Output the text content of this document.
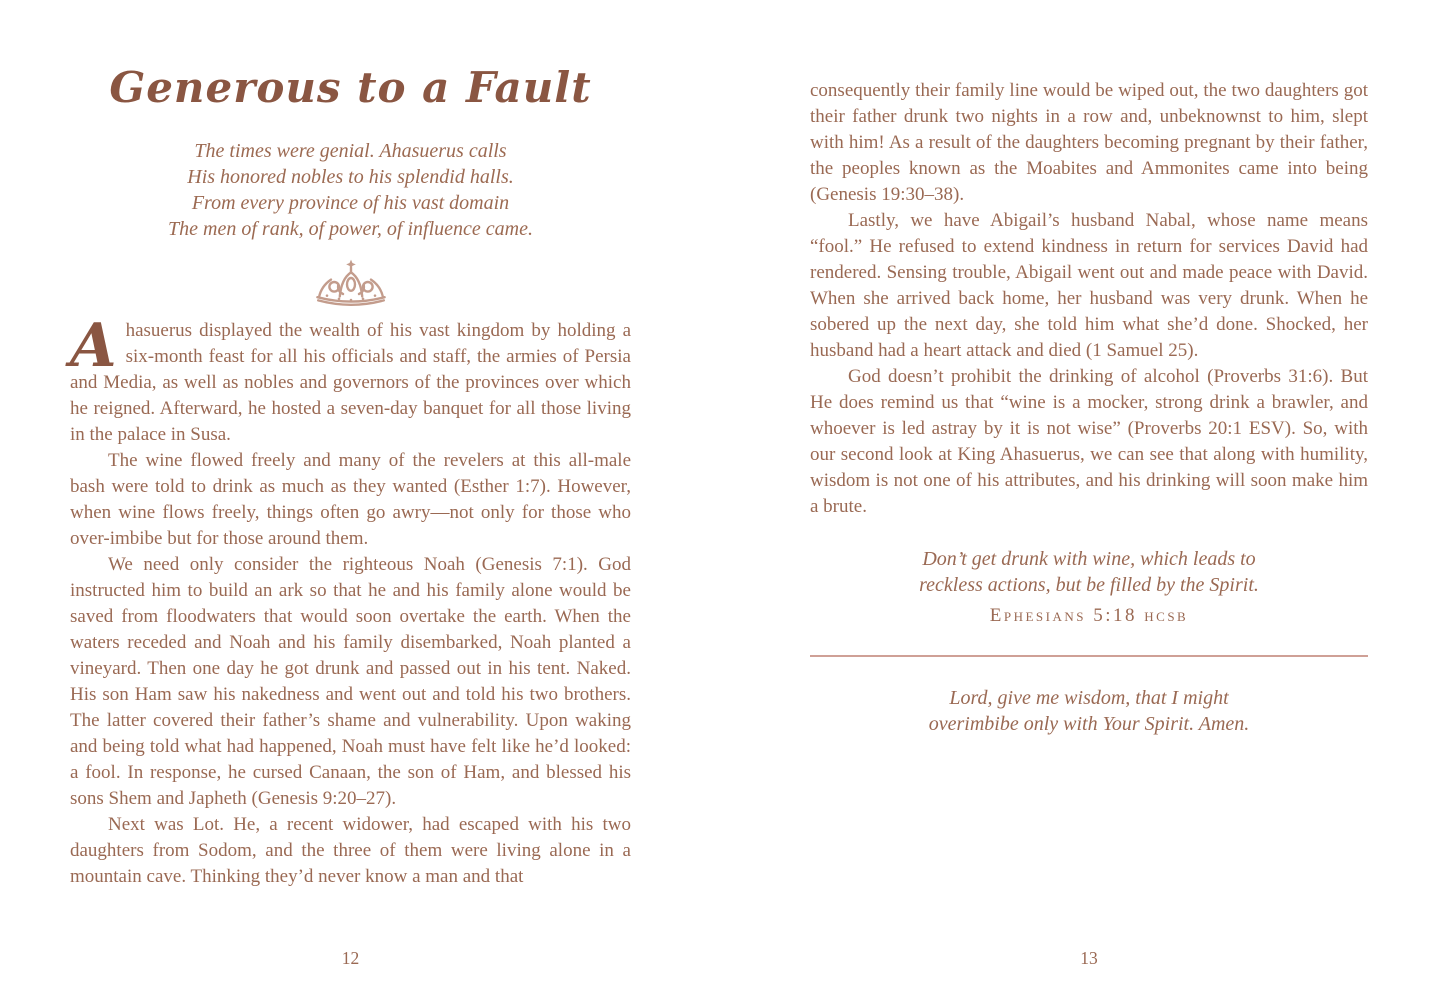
Generous to a Fault
The times were genial. Ahasuerus calls
His honored nobles to his splendid halls.
From every province of his vast domain
The men of rank, of power, of influence came.

Ahasuerus displayed the wealth of his vast kingdom by holding a six-month feast for all his officials and staff, the armies of Persia and Media, as well as nobles and governors of the provinces over which he reigned. Afterward, he hosted a seven-day banquet for all those living in the palace in Susa.

The wine flowed freely and many of the revelers at this all-male bash were told to drink as much as they wanted (Esther 1:7). However, when wine flows freely, things often go awry—not only for those who over-imbibe but for those around them.

We need only consider the righteous Noah (Genesis 7:1). God instructed him to build an ark so that he and his family alone would be saved from floodwaters that would soon overtake the earth. When the waters receded and Noah and his family disembarked, Noah planted a vineyard. Then one day he got drunk and passed out in his tent. Naked. His son Ham saw his nakedness and went out and told his two brothers. The latter covered their father’s shame and vulnerability. Upon waking and being told what had happened, Noah must have felt like he’d looked: a fool. In response, he cursed Canaan, the son of Ham, and blessed his sons Shem and Japheth (Genesis 9:20–27).

Next was Lot. He, a recent widower, had escaped with his two daughters from Sodom, and the three of them were living alone in a mountain cave. Thinking they’d never know a man and that

12

consequently their family line would be wiped out, the two daughters got their father drunk two nights in a row and, unbeknownst to him, slept with him! As a result of the daughters becoming pregnant by their father, the peoples known as the Moabites and Ammonites came into being (Genesis 19:30–38).

Lastly, we have Abigail’s husband Nabal, whose name means “fool.” He refused to extend kindness in return for services David had rendered. Sensing trouble, Abigail went out and made peace with David. When she arrived back home, her husband was very drunk. When he sobered up the next day, she told him what she’d done. Shocked, her husband had a heart attack and died (1 Samuel 25).

God doesn’t prohibit the drinking of alcohol (Proverbs 31:6). But He does remind us that “wine is a mocker, strong drink a brawler, and whoever is led astray by it is not wise” (Proverbs 20:1 ESV). So, with our second look at King Ahasuerus, we can see that along with humility, wisdom is not one of his attributes, and his drinking will soon make him a brute.

Don’t get drunk with wine, which leads to
reckless actions, but be filled by the Spirit.
Ephesians 5:18 hcsb
Lord, give me wisdom, that I might
overimbibe only with Your Spirit. Amen.
13
